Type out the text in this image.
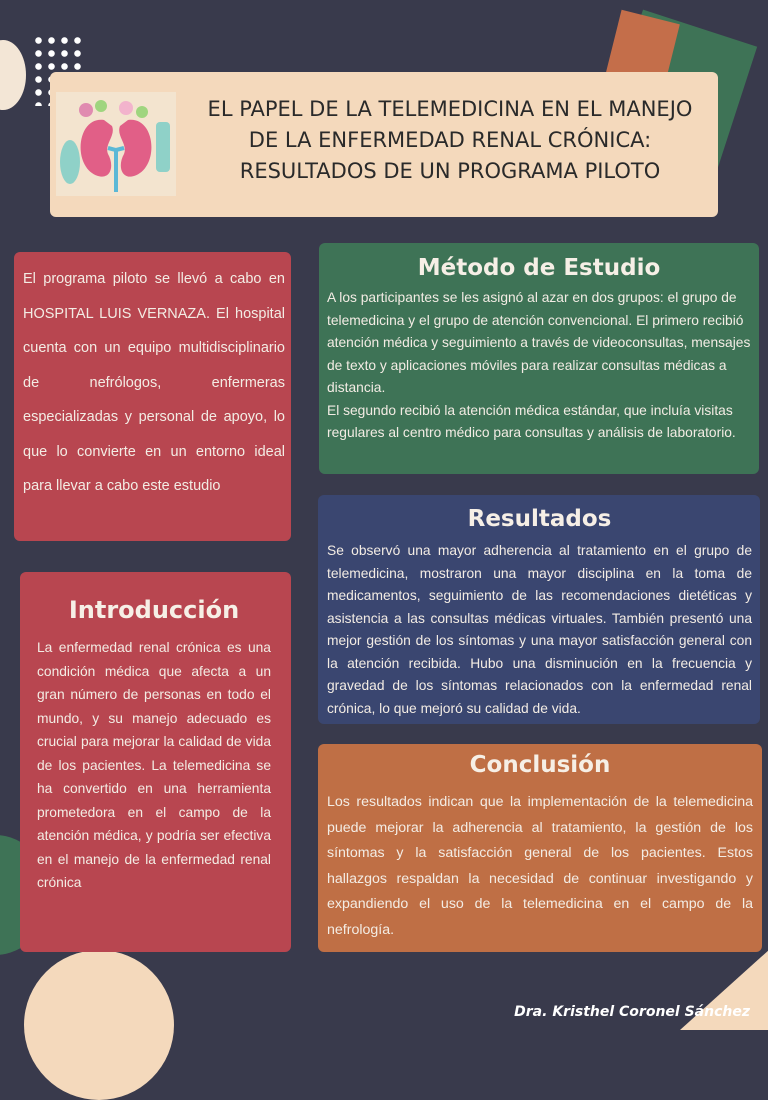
EL PAPEL DE LA TELEMEDICINA EN EL MANEJO DE LA ENFERMEDAD RENAL CRÓNICA: RESULTADOS DE UN PROGRAMA PILOTO

El programa piloto se llevó a cabo en HOSPITAL LUIS VERNAZA. El hospital cuenta con un equipo multidisciplinario de nefrólogos, enfermeras especializadas y personal de apoyo, lo que lo convierte en un entorno ideal para llevar a cabo este estudio

Método de Estudio

A los participantes se les asignó al azar en dos grupos: el grupo de telemedicina y el grupo de atención convencional. El primero recibió atención médica y seguimiento a través de videoconsultas, mensajes de texto y aplicaciones móviles para realizar consultas médicas a distancia.

El segundo recibió la atención médica estándar, que incluía visitas regulares al centro médico para consultas y análisis de laboratorio.

Resultados

Se observó una mayor adherencia al tratamiento en el grupo de telemedicina, mostraron una mayor disciplina en la toma de medicamentos, seguimiento de las recomendaciones dietéticas y asistencia a las consultas médicas virtuales. También presentó una mejor gestión de los síntomas y una mayor satisfacción general con la atención recibida. Hubo una disminución en la frecuencia y gravedad de los síntomas relacionados con la enfermedad renal crónica, lo que mejoró su calidad de vida.

Introducción

La enfermedad renal crónica es una condición médica que afecta a un gran número de personas en todo el mundo, y su manejo adecuado es crucial para mejorar la calidad de vida de los pacientes. La telemedicina se ha convertido en una herramienta prometedora en el campo de la atención médica, y podría ser efectiva en el manejo de la enfermedad renal crónica

Conclusión

Los resultados indican que la implementación de la telemedicina puede mejorar la adherencia al tratamiento, la gestión de los síntomas y la satisfacción general de los pacientes. Estos hallazgos respaldan la necesidad de continuar investigando y expandiendo el uso de la telemedicina en el campo de la nefrología.

Dra. Kristhel Coronel Sánchez
